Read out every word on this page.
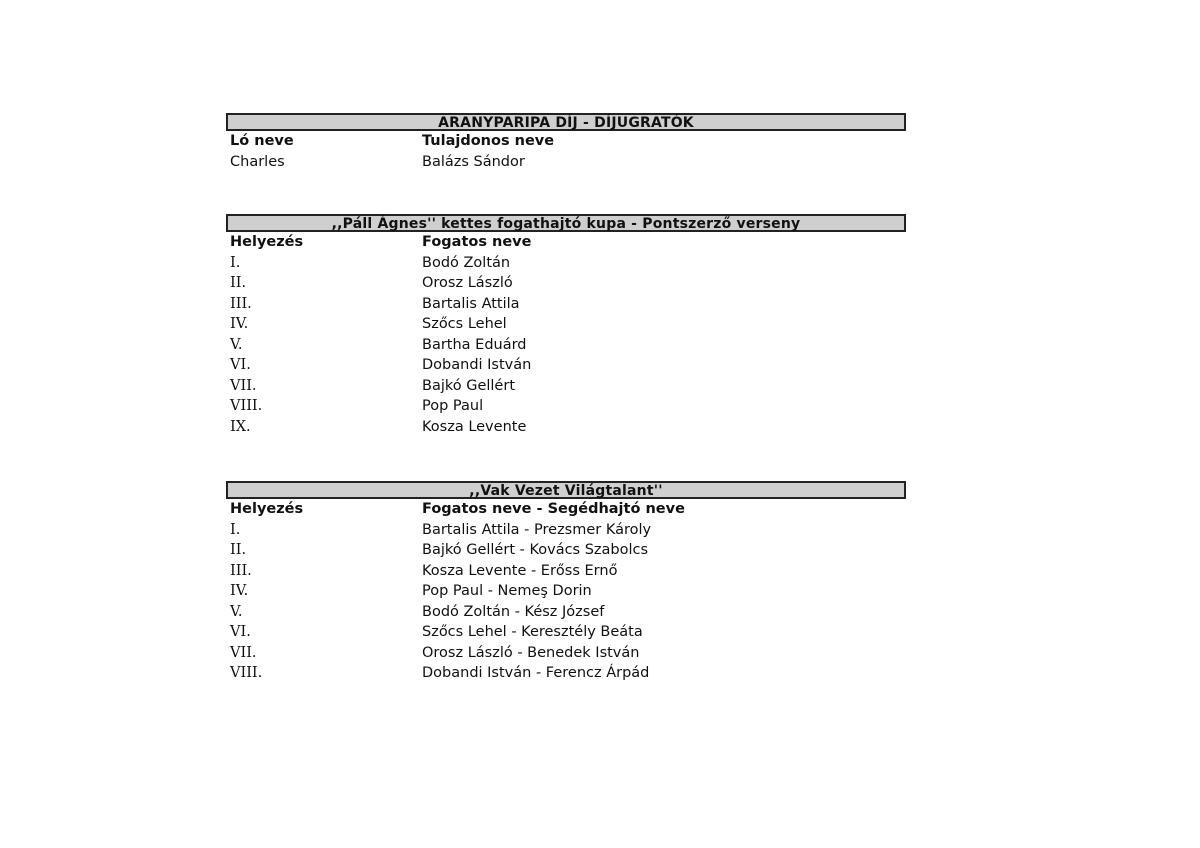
ARANYPARIPA DÍJ - DÍJUGRATÓK
Ló neve	Tulajdonos neve
Charles	Balázs Sándor
,,Páll Ágnes'' kettes fogathajtó kupa - Pontszerző verseny
Helyezés	Fogatos neve
I.	Bodó Zoltán
II.	Orosz László
III.	Bartalis Attila
IV.	Szőcs Lehel
V.	Bartha Eduárd
VI.	Dobandi István
VII.	Bajkó Gellért
VIII.	Pop Paul
IX.	Kosza Levente
,,Vak Vezet Világtalant''
Helyezés	Fogatos neve - Segédhajtó neve
I.	Bartalis Attila - Prezsmer Károly
II.	Bajkó Gellért - Kovács Szabolcs
III.	Kosza Levente - Erőss Ernő
IV.	Pop Paul - Nemeş Dorin
V.	Bodó Zoltán - Kész József
VI.	Szőcs Lehel - Keresztély Beáta
VII.	Orosz László - Benedek István
VIII.	Dobandi István - Ferencz Árpád
